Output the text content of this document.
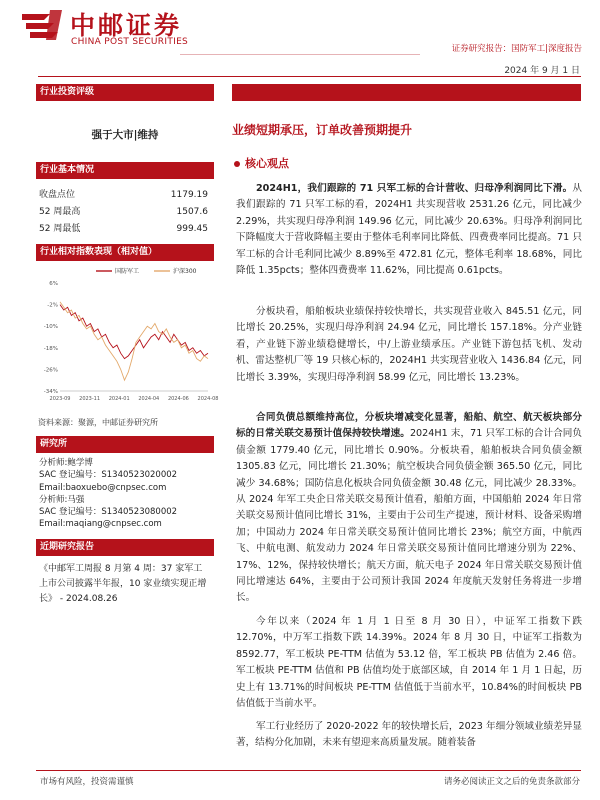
中邮证券
CHINA POST SECURITIES
证券研究报告：国防军工|深度报告
2024 年 9 月 1 日
行业投资评级
强于大市|维持
行业基本情况
收盘点位	1179.19
52 周最高	1507.6
52 周最低	999.45
行业相对指数表现（相对值）
6%
-2%
-10%
-18%
-26%
-34%
2023-09 2023-11 2024-01 2024-04 2024-06 2024-08
国防军工	沪深300
资料来源：聚源，中邮证券研究所
研究所
分析师:鲍学博
SAC 登记编号：S1340523020002
Email:baoxuebo@cnpsec.com
分析师:马强
SAC 登记编号：S1340523080002
Email:maqiang@cnpsec.com
近期研究报告
《中邮军工周报 8 月第 4 周：37 家军工上市公司披露半年报，10 家业绩实现正增长》 - 2024.08.26
业绩短期承压，订单改善预期提升
核心观点
2024H1，我们跟踪的 71 只军工标的合计营收、归母净利润同比下滑。从我们跟踪的 71 只军工标的看，2024H1 共实现营收 2531.26 亿元，同比减少 2.29%，共实现归母净利润 149.96 亿元，同比减少 20.63%。归母净利润同比下降幅度大于营收降幅主要由于整体毛利率同比降低、四费费率同比提高。71 只军工标的合计毛利同比减少 8.89%至 472.81 亿元，整体毛利率 18.68%，同比降低 1.35pcts；整体四费费率 11.62%，同比提高 0.61pcts。
分板块看，船舶板块业绩保持较快增长，共实现营业收入 845.51 亿元，同比增长 20.25%，实现归母净利润 24.94 亿元，同比增长 157.18%。分产业链看，产业链下游业绩稳健增长，中/上游业绩承压。产业链下游包括飞机、发动机、雷达整机厂等 19 只核心标的，2024H1 共实现营业收入 1436.84 亿元，同比增长 3.39%，实现归母净利润 58.99 亿元，同比增长 13.23%。
合同负债总额维持高位，分板块增减变化显著，船舶、航空、航天板块部分标的日常关联交易预计值保持较快增速。2024H1 末，71 只军工标的合计合同负债金额 1779.40 亿元，同比增长 0.90%。分板块看，船舶板块合同负债金额 1305.83 亿元，同比增长 21.30%；航空板块合同负债金额 365.50 亿元，同比减少 34.68%；国防信息化板块合同负债金额 30.48 亿元，同比减少 28.33%。从 2024 年军工央企日常关联交易预计值看，船舶方面，中国船舶 2024 年日常关联交易预计值同比增长 31%，主要由于公司生产提速，预计材料、设备采购增加；中国动力 2024 年日常关联交易预计值同比增长 23%；航空方面，中航西飞、中航电测、航发动力 2024 年日常关联交易预计值同比增速分别为 22%、17%、12%，保持较快增长；航天方面，航天电子 2024 年日常关联交易预计值同比增速达 64%，主要由于公司预计我国 2024 年度航天发射任务将进一步增长。
今年以来（2024 年 1 月 1 日至 8 月 30 日），中证军工指数下跌 12.70%，中万军工指数下跌 14.39%。2024 年 8 月 30 日，中证军工指数为 8592.77，军工板块 PE-TTM 估值为 53.12 倍，军工板块 PB 估值为 2.46 倍。军工板块 PE-TTM 估值和 PB 估值均处于底部区域，自 2014 年 1 月 1 日起，历史上有 13.71%的时间板块 PE-TTM 估值低于当前水平，10.84%的时间板块 PB 估值低于当前水平。
军工行业经历了 2020-2022 年的较快增长后，2023 年细分领域业绩差异显著，结构分化加剧，未来有望迎来高质量发展。随着装备
市场有风险，投资需谨慎	请务必阅读正文之后的免责条款部分
